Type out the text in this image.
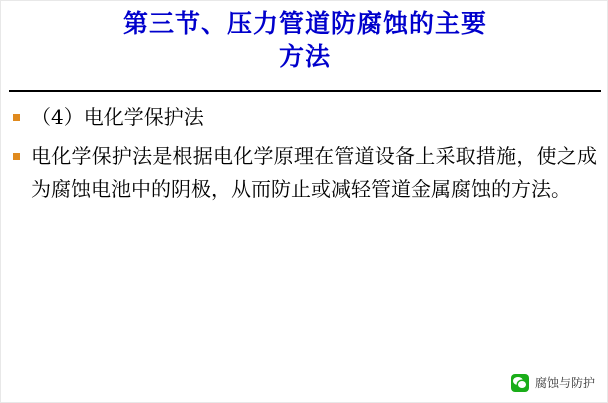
第三节、压力管道防腐蚀的主要
方法
（4）电化学保护法
电化学保护法是根据电化学原理在管道设备上采取措施，使之成为腐蚀电池中的阴极，从而防止或减轻管道金属腐蚀的方法。
腐蚀与防护
